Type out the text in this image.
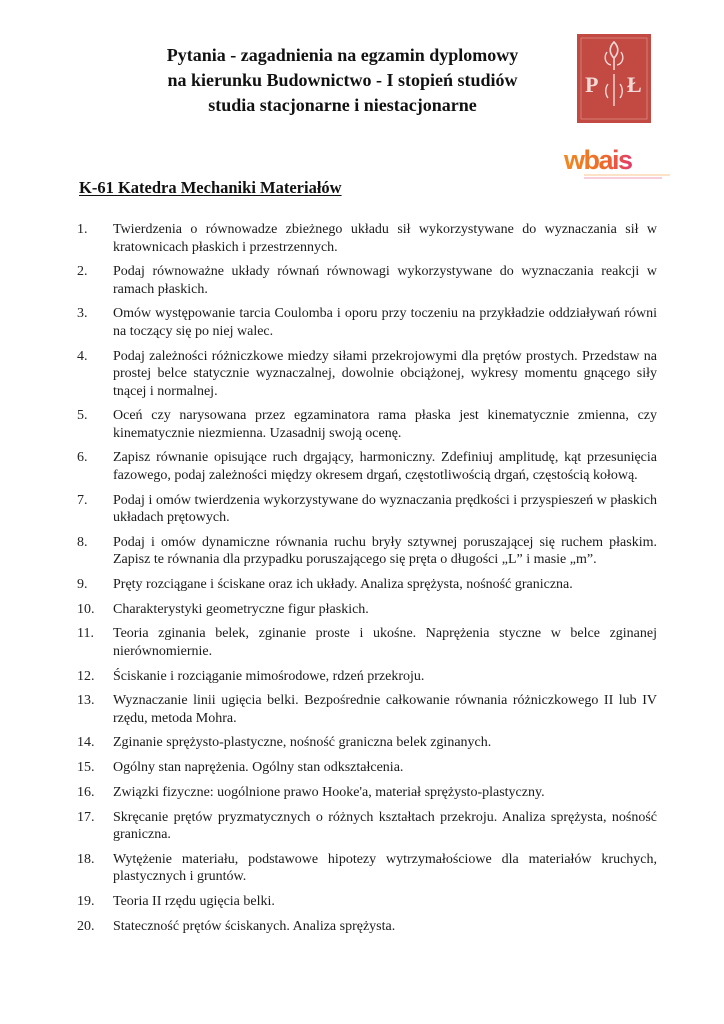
Pytania - zagadnienia na egzamin dyplomowy
na kierunku Budownictwo - I stopień studiów
studia stacjonarne i niestacjonarne
P Ł
wbais
K-61 Katedra Mechaniki Materiałów
1.	Twierdzenia o równowadze zbieżnego układu sił wykorzystywane do wyznaczania sił w kratownicach płaskich i przestrzennych.
2.	Podaj równoważne układy równań równowagi wykorzystywane do wyznaczania reakcji w ramach płaskich.
3.	Omów występowanie tarcia Coulomba i oporu przy toczeniu na przykładzie oddziaływań równi na toczący się po niej walec.
4.	Podaj zależności różniczkowe miedzy siłami przekrojowymi dla prętów prostych. Przedstaw na prostej belce statycznie wyznaczalnej, dowolnie obciążonej, wykresy momentu gnącego siły tnącej i normalnej.
5.	Oceń czy narysowana przez egzaminatora rama płaska jest kinematycznie zmienna, czy kinematycznie niezmienna. Uzasadnij swoją ocenę.
6.	Zapisz równanie opisujące ruch drgający, harmoniczny. Zdefiniuj amplitudę, kąt przesunięcia fazowego, podaj zależności między okresem drgań, częstotliwością drgań, częstością kołową.
7.	Podaj i omów twierdzenia wykorzystywane do wyznaczania prędkości i przyspieszeń w płaskich układach prętowych.
8.	Podaj i omów dynamiczne równania ruchu bryły sztywnej poruszającej się ruchem płaskim. Zapisz te równania dla przypadku poruszającego się pręta o długości „L” i masie „m”.
9.	Pręty rozciągane i ściskane oraz ich układy. Analiza sprężysta, nośność graniczna.
10.	Charakterystyki geometryczne figur płaskich.
11.	Teoria zginania belek, zginanie proste i ukośne. Naprężenia styczne w belce zginanej nierównomiernie.
12.	Ściskanie i rozciąganie mimośrodowe, rdzeń przekroju.
13.	Wyznaczanie linii ugięcia belki. Bezpośrednie całkowanie równania różniczkowego II lub IV rzędu, metoda Mohra.
14.	Zginanie sprężysto-plastyczne, nośność graniczna belek zginanych.
15.	Ogólny stan naprężenia. Ogólny stan odkształcenia.
16.	Związki fizyczne: uogólnione prawo Hooke'a, materiał sprężysto-plastyczny.
17.	Skręcanie prętów pryzmatycznych o różnych kształtach przekroju. Analiza sprężysta, nośność graniczna.
18.	Wytężenie materiału, podstawowe hipotezy wytrzymałościowe dla materiałów kruchych, plastycznych i gruntów.
19.	Teoria II rzędu ugięcia belki.
20.	Stateczność prętów ściskanych. Analiza sprężysta.
